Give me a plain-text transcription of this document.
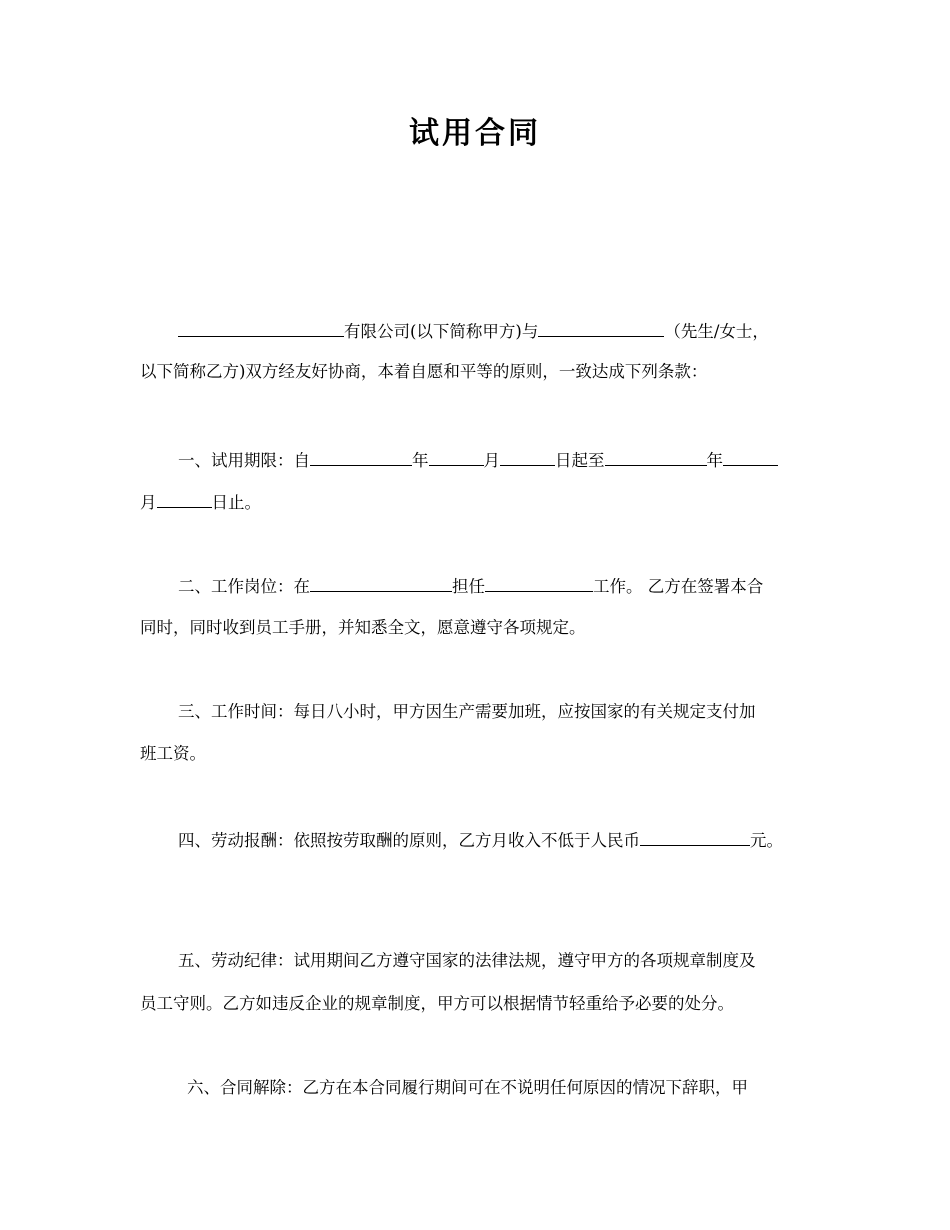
试用合同
有限公司(以下简称甲方)与	（先生/女士，
以下简称乙方)双方经友好协商，本着自愿和平等的原则，一致达成下列条款：
一、试用期限：自	年	月	日起至	年
月	日止。
二、工作岗位：在	担任	工作。 乙方在签署本合
同时，同时收到员工手册，并知悉全文，愿意遵守各项规定。
三、工作时间：每日八小时，甲方因生产需要加班，应按国家的有关规定支付加
班工资。
四、劳动报酬：依照按劳取酬的原则，乙方月收入不低于人民币	元。
五、劳动纪律：试用期间乙方遵守国家的法律法规，遵守甲方的各项规章制度及
员工守则。乙方如违反企业的规章制度，甲方可以根据情节轻重给予必要的处分。
六、合同解除：乙方在本合同履行期间可在不说明任何原因的情况下辞职，甲
